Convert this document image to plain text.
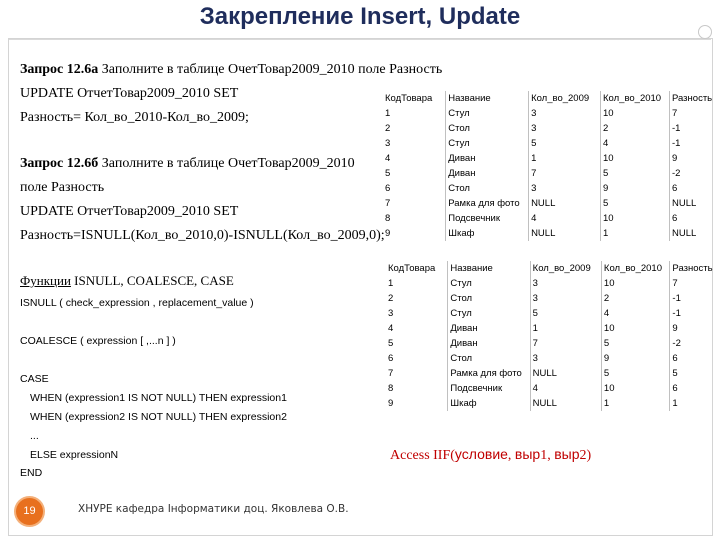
Закрепление Insert, Update
Запрос 12.6а Заполните в таблице ОчетТовар2009_2010 поле Разность
UPDATE ОтчетТовар2009_2010 SET
Разность= Кол_во_2010-Кол_во_2009;
Запрос 12.6б Заполните в таблице ОчетТовар2009_2010
поле Разность
UPDATE ОтчетТовар2009_2010 SET
Разность=ISNULL(Кол_во_2010,0)-ISNULL(Кол_во_2009,0);
Функции ISNULL, COALESCE, CASE
ISNULL ( check_expression , replacement_value )
COALESCE ( expression [ ,...n ] )
CASE
WHEN (expression1 IS NOT NULL) THEN expression1
WHEN (expression2 IS NOT NULL) THEN expression2
...
ELSE expressionN
END
КодТовара	Название	Кол_во_2009	Кол_во_2010	Разность
1	Стул	3	10	7
2	Стол	3	2	-1
3	Стул	5	4	-1
4	Диван	1	10	9
5	Диван	7	5	-2
6	Стол	3	9	6
7	Рамка для фото	NULL	5	NULL
8	Подсвечник	4	10	6
9	Шкаф	NULL	1	NULL
КодТовара	Название	Кол_во_2009	Кол_во_2010	Разность
1	Стул	3	10	7
2	Стол	3	2	-1
3	Стул	5	4	-1
4	Диван	1	10	9
5	Диван	7	5	-2
6	Стол	3	9	6
7	Рамка для фото	NULL	5	5
8	Подсвечник	4	10	6
9	Шкаф	NULL	1	1
Access IIF(условие, выр1, выр2)
19	ХНУРЕ кафедра Інформатики доц. Яковлева О.В.
